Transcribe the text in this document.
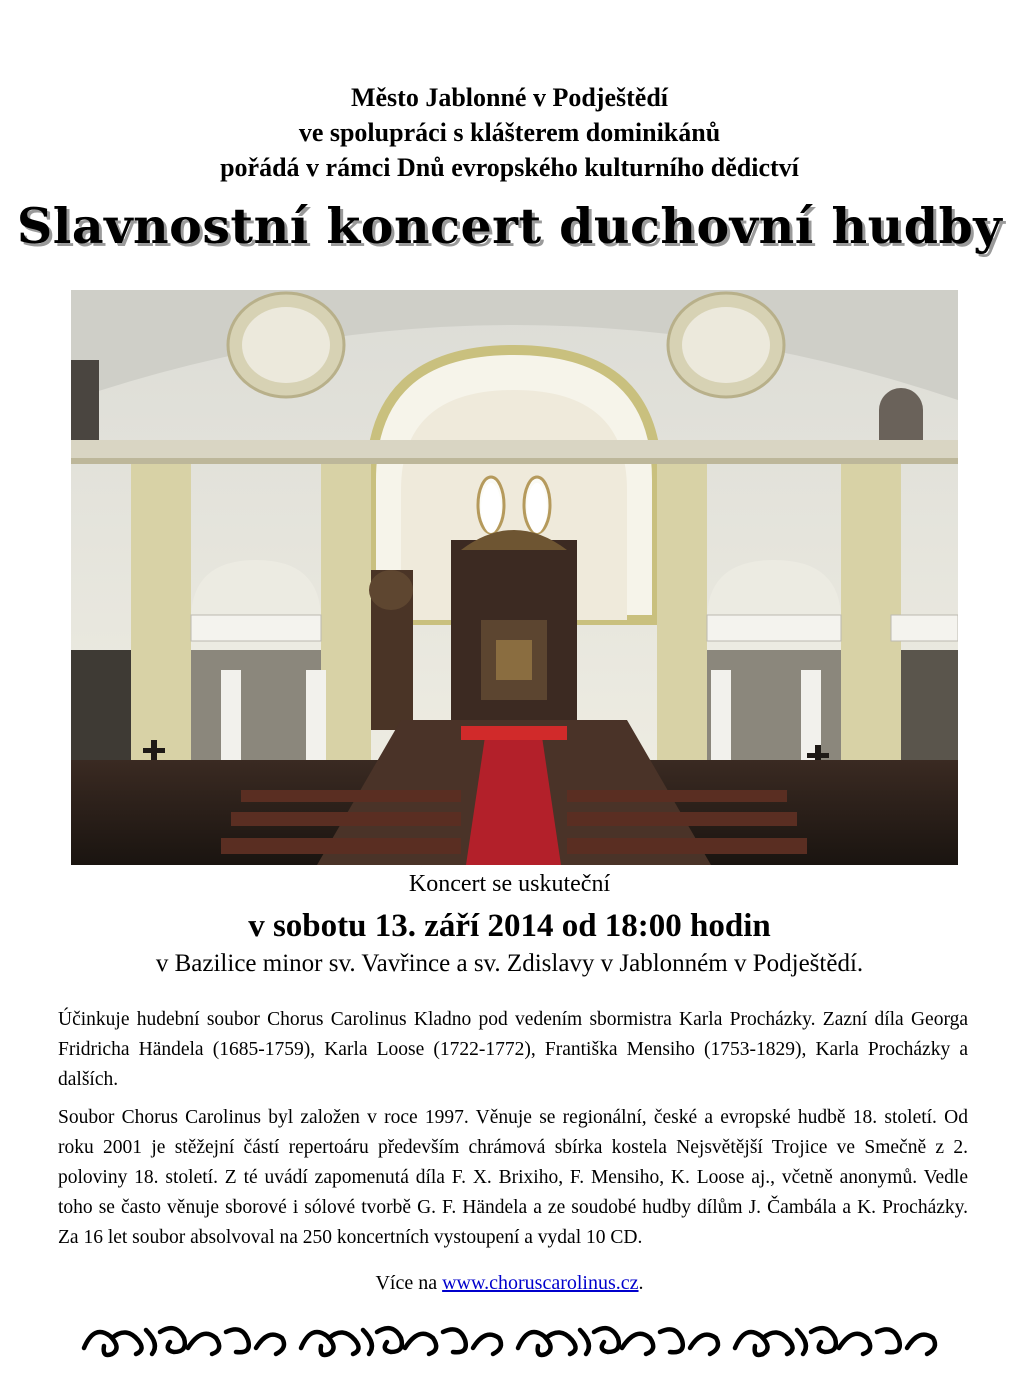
Město Jablonné v Podještědí
ve spolupráci s klášterem dominikánů
pořádá v rámci Dnů evropského kulturního dědictví
Slavnostní koncert duchovní hudby
Koncert se uskuteční
v sobotu 13. září 2014 od 18:00 hodin
v Bazilice minor sv. Vavřince a sv. Zdislavy v Jablonném v Podještědí.
Účinkuje hudební soubor Chorus Carolinus Kladno pod vedením sbormistra Karla Procházky. Zazní díla Georga Fridricha Händela (1685-1759), Karla Loose (1722-1772), Františka Mensiho (1753-1829), Karla Procházky a dalších.
Soubor Chorus Carolinus byl založen v roce 1997. Věnuje se regionální, české a evropské hudbě 18. století. Od roku 2001 je stěžejní částí repertoáru především chrámová sbírka kostela Nejsvětější Trojice ve Smečně z 2. poloviny 18. století. Z té uvádí zapomenutá díla F. X. Brixiho, F. Mensiho, K. Loose aj., včetně anonymů. Vedle toho se často věnuje sborové i sólové tvorbě G. F. Händela a ze soudobé hudby dílům J. Čambála a K. Procházky. Za 16 let soubor absolvoval na 250 koncertních vystoupení a vydal 10 CD.
Více na www.choruscarolinus.cz.
